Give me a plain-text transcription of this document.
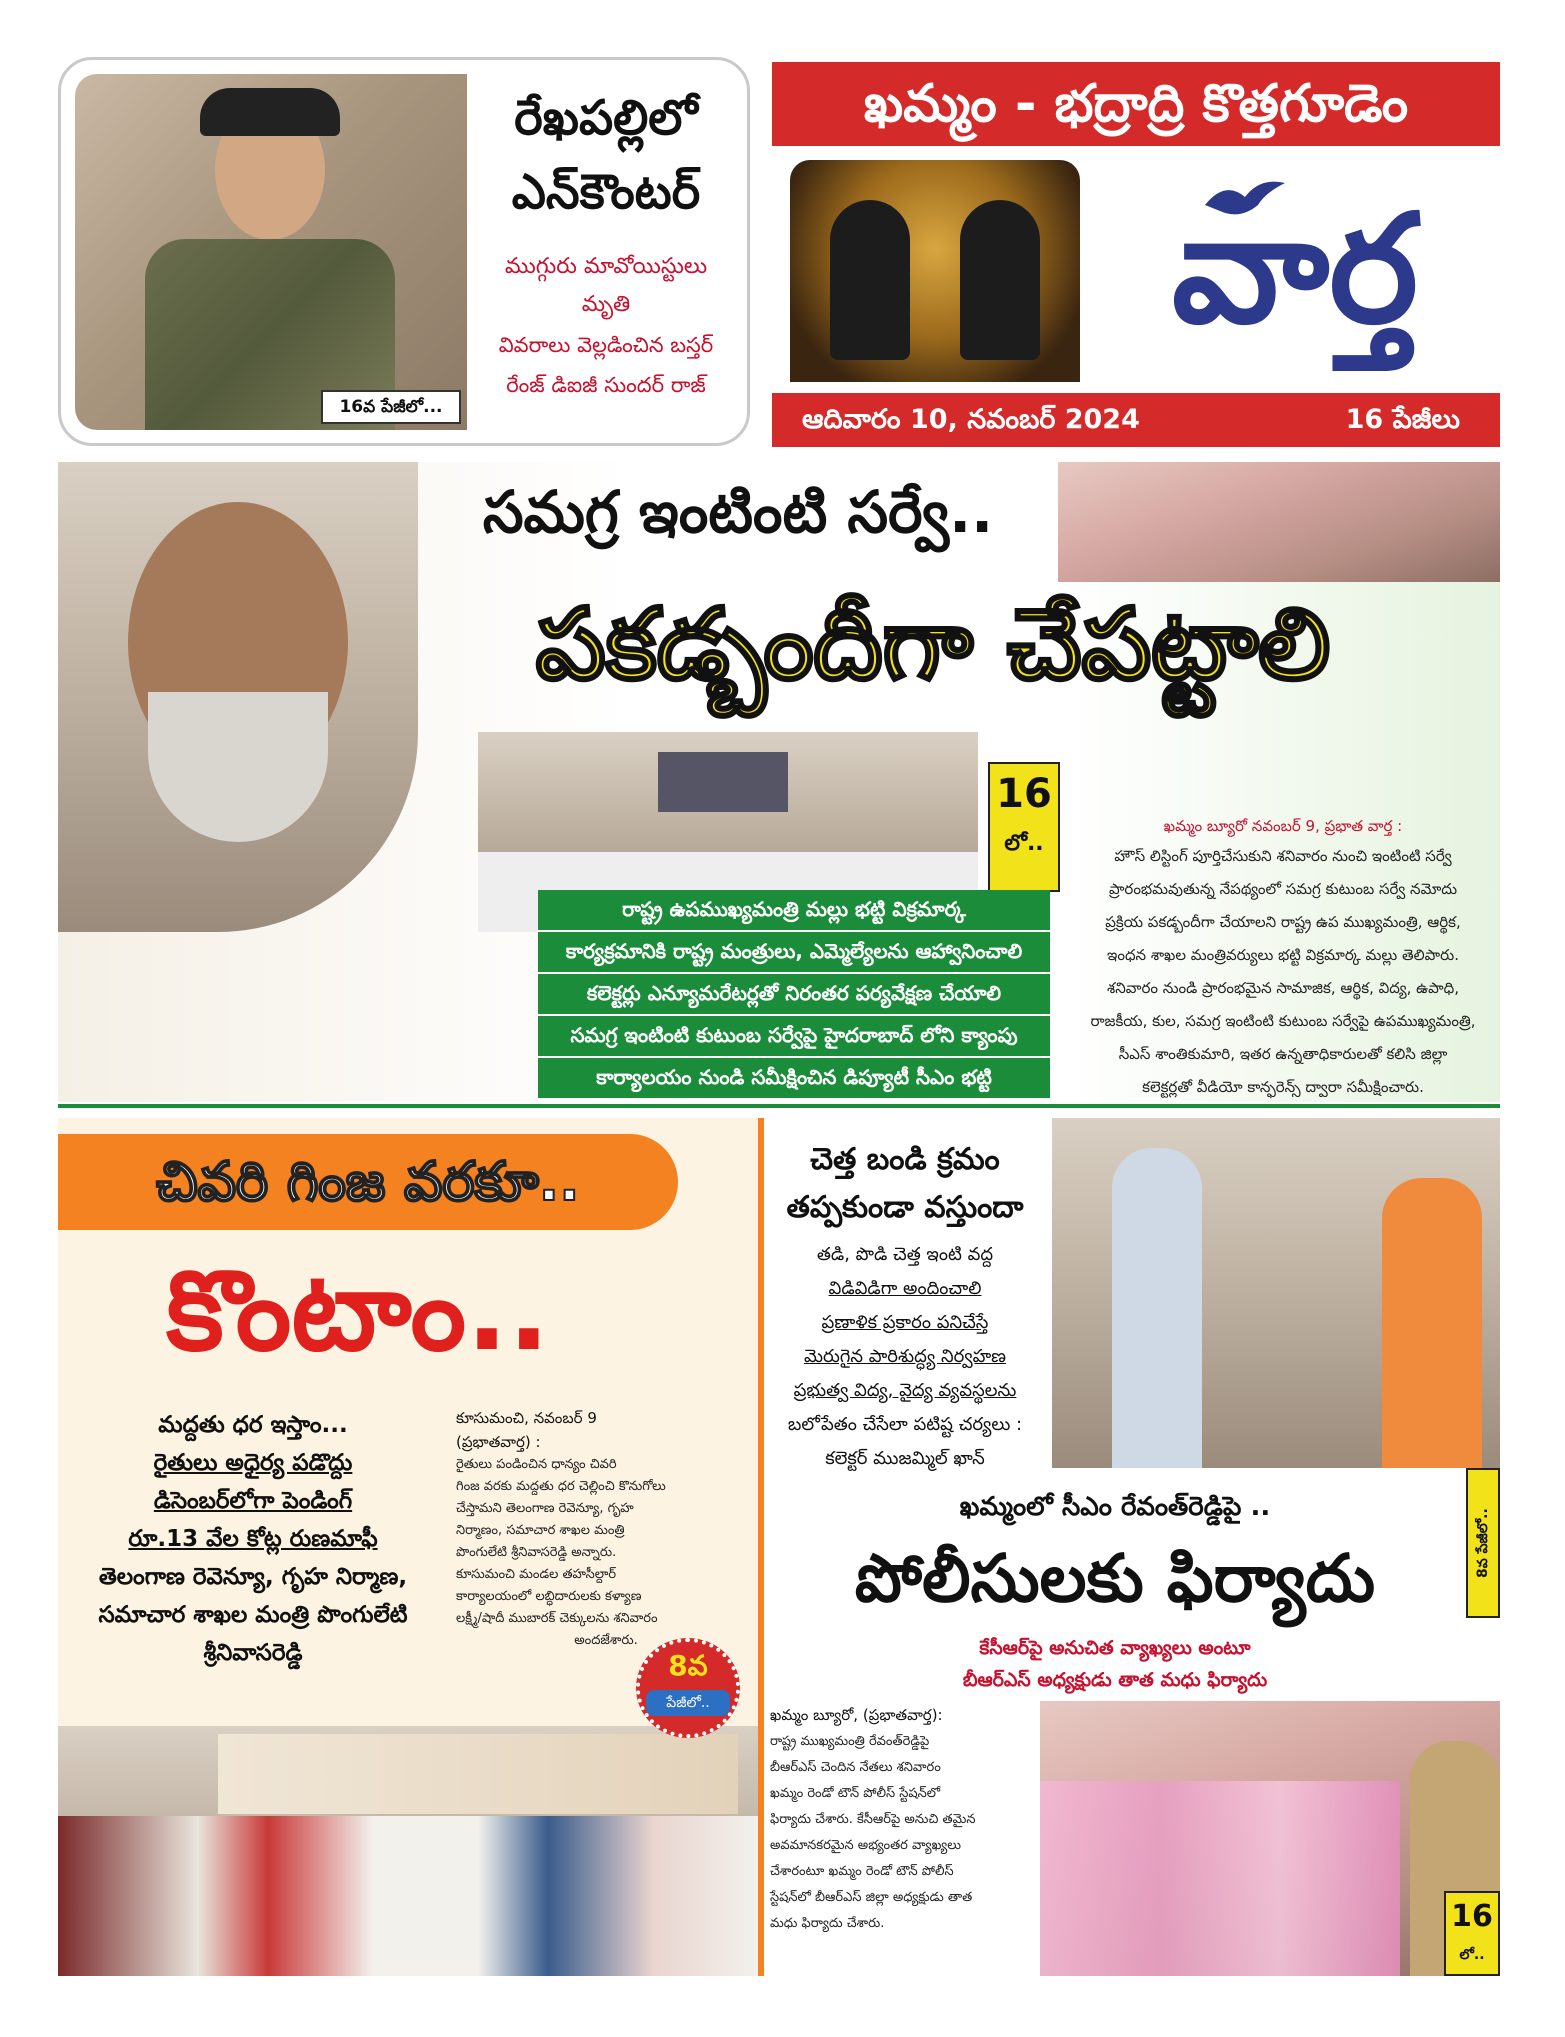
16వ పేజీలో...
రేఖపల్లిలో
ఎన్‌కౌంటర్
ముగ్గురు మావోయిస్టులు
మృతి
వివరాలు వెల్లడించిన బస్తర్
రేంజ్ డిఐజీ సుందర్ రాజ్
ఖమ్మం - భద్రాద్రి కొత్తగూడెం
వార్త
ఆదివారం 10, నవంబర్ 2024	16 పేజీలు
సమగ్ర ఇంటింటి సర్వే..
పకడ్బందీగా చేపట్టాలి
16
లో..
రాష్ట్ర ఉపముఖ్యమంత్రి మల్లు భట్టి విక్రమార్క
కార్యక్రమానికి రాష్ట్ర మంత్రులు, ఎమ్మెల్యేలను ఆహ్వానించాలి
కలెక్టర్లు ఎన్యూమరేటర్లతో నిరంతర పర్యవేక్షణ చేయాలి
సమగ్ర ఇంటింటి కుటుంబ సర్వేపై హైదరాబాద్ లోని క్యాంపు
కార్యాలయం నుండి సమీక్షించిన డిప్యూటీ సీఎం భట్టి
ఖమ్మం బ్యూరో నవంబర్ 9, ప్రభాత వార్త :
హౌస్ లిస్టింగ్ పూర్తిచేసుకుని శనివారం నుంచి ఇంటింటి సర్వే
ప్రారంభమవుతున్న నేపథ్యంలో సమగ్ర కుటుంబ సర్వే నమోదు
ప్రక్రియ పకడ్బందీగా చేయాలని రాష్ట్ర ఉప ముఖ్యమంత్రి, ఆర్థిక,
ఇంధన శాఖల మంత్రివర్యులు భట్టి విక్రమార్క మల్లు తెలిపారు.
శనివారం నుండి ప్రారంభమైన సామాజిక, ఆర్థిక, విద్య, ఉపాధి,
రాజకీయ, కుల, సమగ్ర ఇంటింటి కుటుంబ సర్వేపై ఉపముఖ్యమంత్రి,
సీఎస్ శాంతికుమారి, ఇతర ఉన్నతాధికారులతో కలిసి జిల్లా
కలెక్టర్లతో వీడియో కాన్ఫరెన్స్ ద్వారా సమీక్షించారు.
చివరి గింజ వరకూ..
కొంటాం..
మద్దతు ధర ఇస్తాం...
రైతులు అధైర్య పడొద్దు
డిసెంబర్‌లోగా పెండింగ్
రూ.13 వేల కోట్ల రుణమాఫీ
తెలంగాణ రెవెన్యూ, గృహ నిర్మాణ,
సమాచార శాఖల మంత్రి పొంగులేటి
శ్రీనివాసరెడ్డి
కూసుమంచి, నవంబర్ 9
(ప్రభాతవార్త) :
రైతులు పండించిన ధాన్యం చివరి
గింజ వరకు మద్దతు ధర చెల్లించి కొనుగోలు
చేస్తామని తెలంగాణ రెవెన్యూ, గృహ
నిర్మాణం, సమాచార శాఖల మంత్రి
పొంగులేటి శ్రీనివాసరెడ్డి అన్నారు.
కూసుమంచి మండల తహసీల్దార్
కార్యాలయంలో లబ్ధిదారులకు కళ్యాణ
లక్ష్మీ/షాదీ ముబారక్ చెక్కులను శనివారం
అందజేశారు.
8వ
పేజీలో..
చెత్త బండి క్రమం
తప్పకుండా వస్తుందా
తడి, పొడి చెత్త ఇంటి వద్ద
విడివిడిగా అందించాలి
ప్రణాళిక ప్రకారం పనిచేస్తే
మెరుగైన పారిశుద్ధ్య నిర్వహణ
ప్రభుత్వ విద్య, వైద్య వ్యవస్థలను
బలోపేతం చేసేలా పటిష్ట చర్యలు :
కలెక్టర్ ముజమ్మిల్ ఖాన్
8వ పేజీలో..
ఖమ్మంలో సీఎం రేవంత్‌రెడ్డిపై ..
పోలీసులకు ఫిర్యాదు
కేసీఆర్‌పై అనుచిత వ్యాఖ్యలు అంటూ
బీఆర్ఎస్ అధ్యక్షుడు తాత మధు ఫిర్యాదు
ఖమ్మం బ్యూరో, (ప్రభాతవార్త):
రాష్ట్ర ముఖ్యమంత్రి రేవంత్‌రెడ్డిపై
బీఆర్ఎస్ చెందిన నేతలు శనివారం
ఖమ్మం రెండో టౌన్ పోలీస్ స్టేషన్‌లో
ఫిర్యాదు చేశారు. కేసీఆర్‌పై అనుచి తమైన
అవమానకరమైన అభ్యంతర వ్యాఖ్యలు
చేశారంటూ ఖమ్మం రెండో టౌన్ పోలీస్
స్టేషన్‌లో బీఆర్ఎస్ జిల్లా అధ్యక్షుడు తాత
మధు ఫిర్యాదు చేశారు.	16
లో..
